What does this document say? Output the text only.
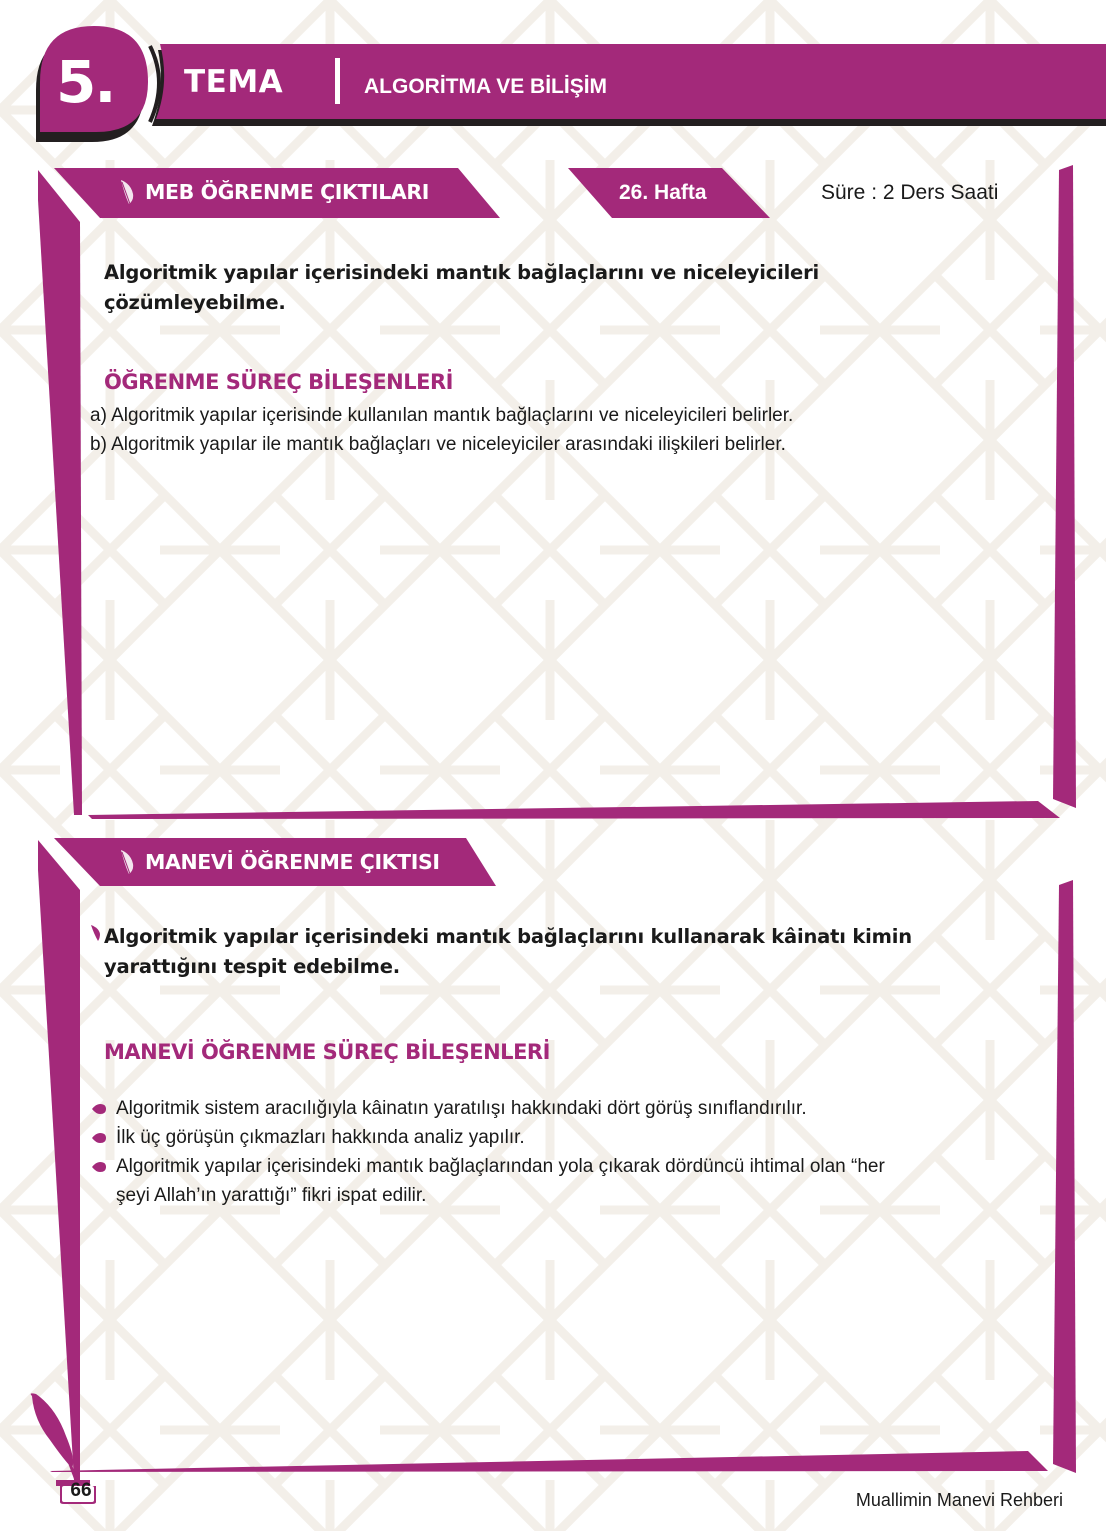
5. TEMA	ALGORİTMA VE BİLİŞİM
MEB ÖĞRENME ÇIKTILARI	26. Hafta	Süre : 2 Ders Saati
Algoritmik yapılar içerisindeki mantık bağlaçlarını ve niceleyicileri
çözümleyebilme.
ÖĞRENME SÜREÇ BİLEŞENLERİ
a) Algoritmik yapılar içerisinde kullanılan mantık bağlaçlarını ve niceleyicileri belirler.
b) Algoritmik yapılar ile mantık bağlaçları ve niceleyiciler arasındaki ilişkileri belirler.
MANEVİ ÖĞRENME ÇIKTISI
Algoritmik yapılar içerisindeki mantık bağlaçlarını kullanarak kâinatı kimin
yarattığını tespit edebilme.
MANEVİ ÖĞRENME SÜREÇ BİLEŞENLERİ
Algoritmik sistem aracılığıyla kâinatın yaratılışı hakkındaki dört görüş sınıflandırılır.
İlk üç görüşün çıkmazları hakkında analiz yapılır.
Algoritmik yapılar içerisindeki mantık bağlaçlarından yola çıkarak dördüncü ihtimal olan “her
şeyi Allah’ın yarattığı” fikri ispat edilir.
66	Muallimin Manevi Rehberi
